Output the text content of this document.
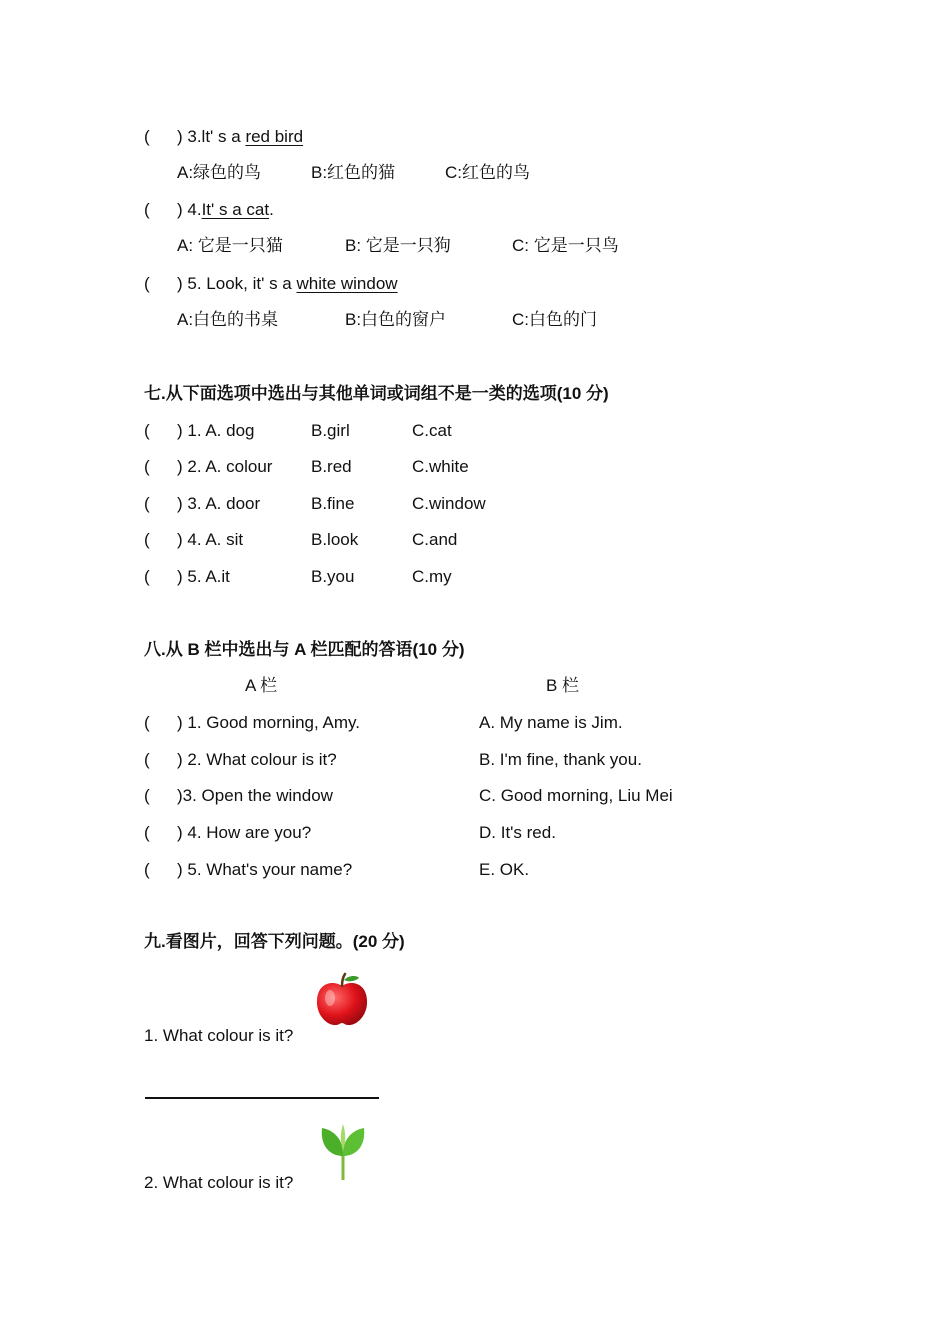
( ) 3.lt' s a red bird
A:绿色的鸟	B:红色的猫	C:红色的鸟
( ) 4.It' s a cat.
A: 它是一只猫	B: 它是一只狗	C: 它是一只鸟
( ) 5. Look, it' s a white window
A:白色的书桌	B:白色的窗户	C:白色的门
七.从下面选项中选出与其他单词或词组不是一类的选项(10 分)
( ) 1. A. dog	B.girl	C.cat
( ) 2. A. colour B.red	C.white
( ) 3. A. door	B.fine	C.window
( ) 4. A. sit	B.look	C.and
( ) 5. A.it	B.you	C.my
八.从 B 栏中选出与 A 栏匹配的答语(10 分)
A 栏	B 栏
( ) 1. Good morning, Amy.	A. My name is Jim.
( ) 2. What colour is it?	B. I'm fine, thank you.
( )3. Open the window	C. Good morning, Liu Mei
( ) 4. How are you?	D. It's red.
( ) 5. What's your name?	E. OK.
九.看图片，回答下列问题。(20 分)
1. What colour is it?
2. What colour is it?
